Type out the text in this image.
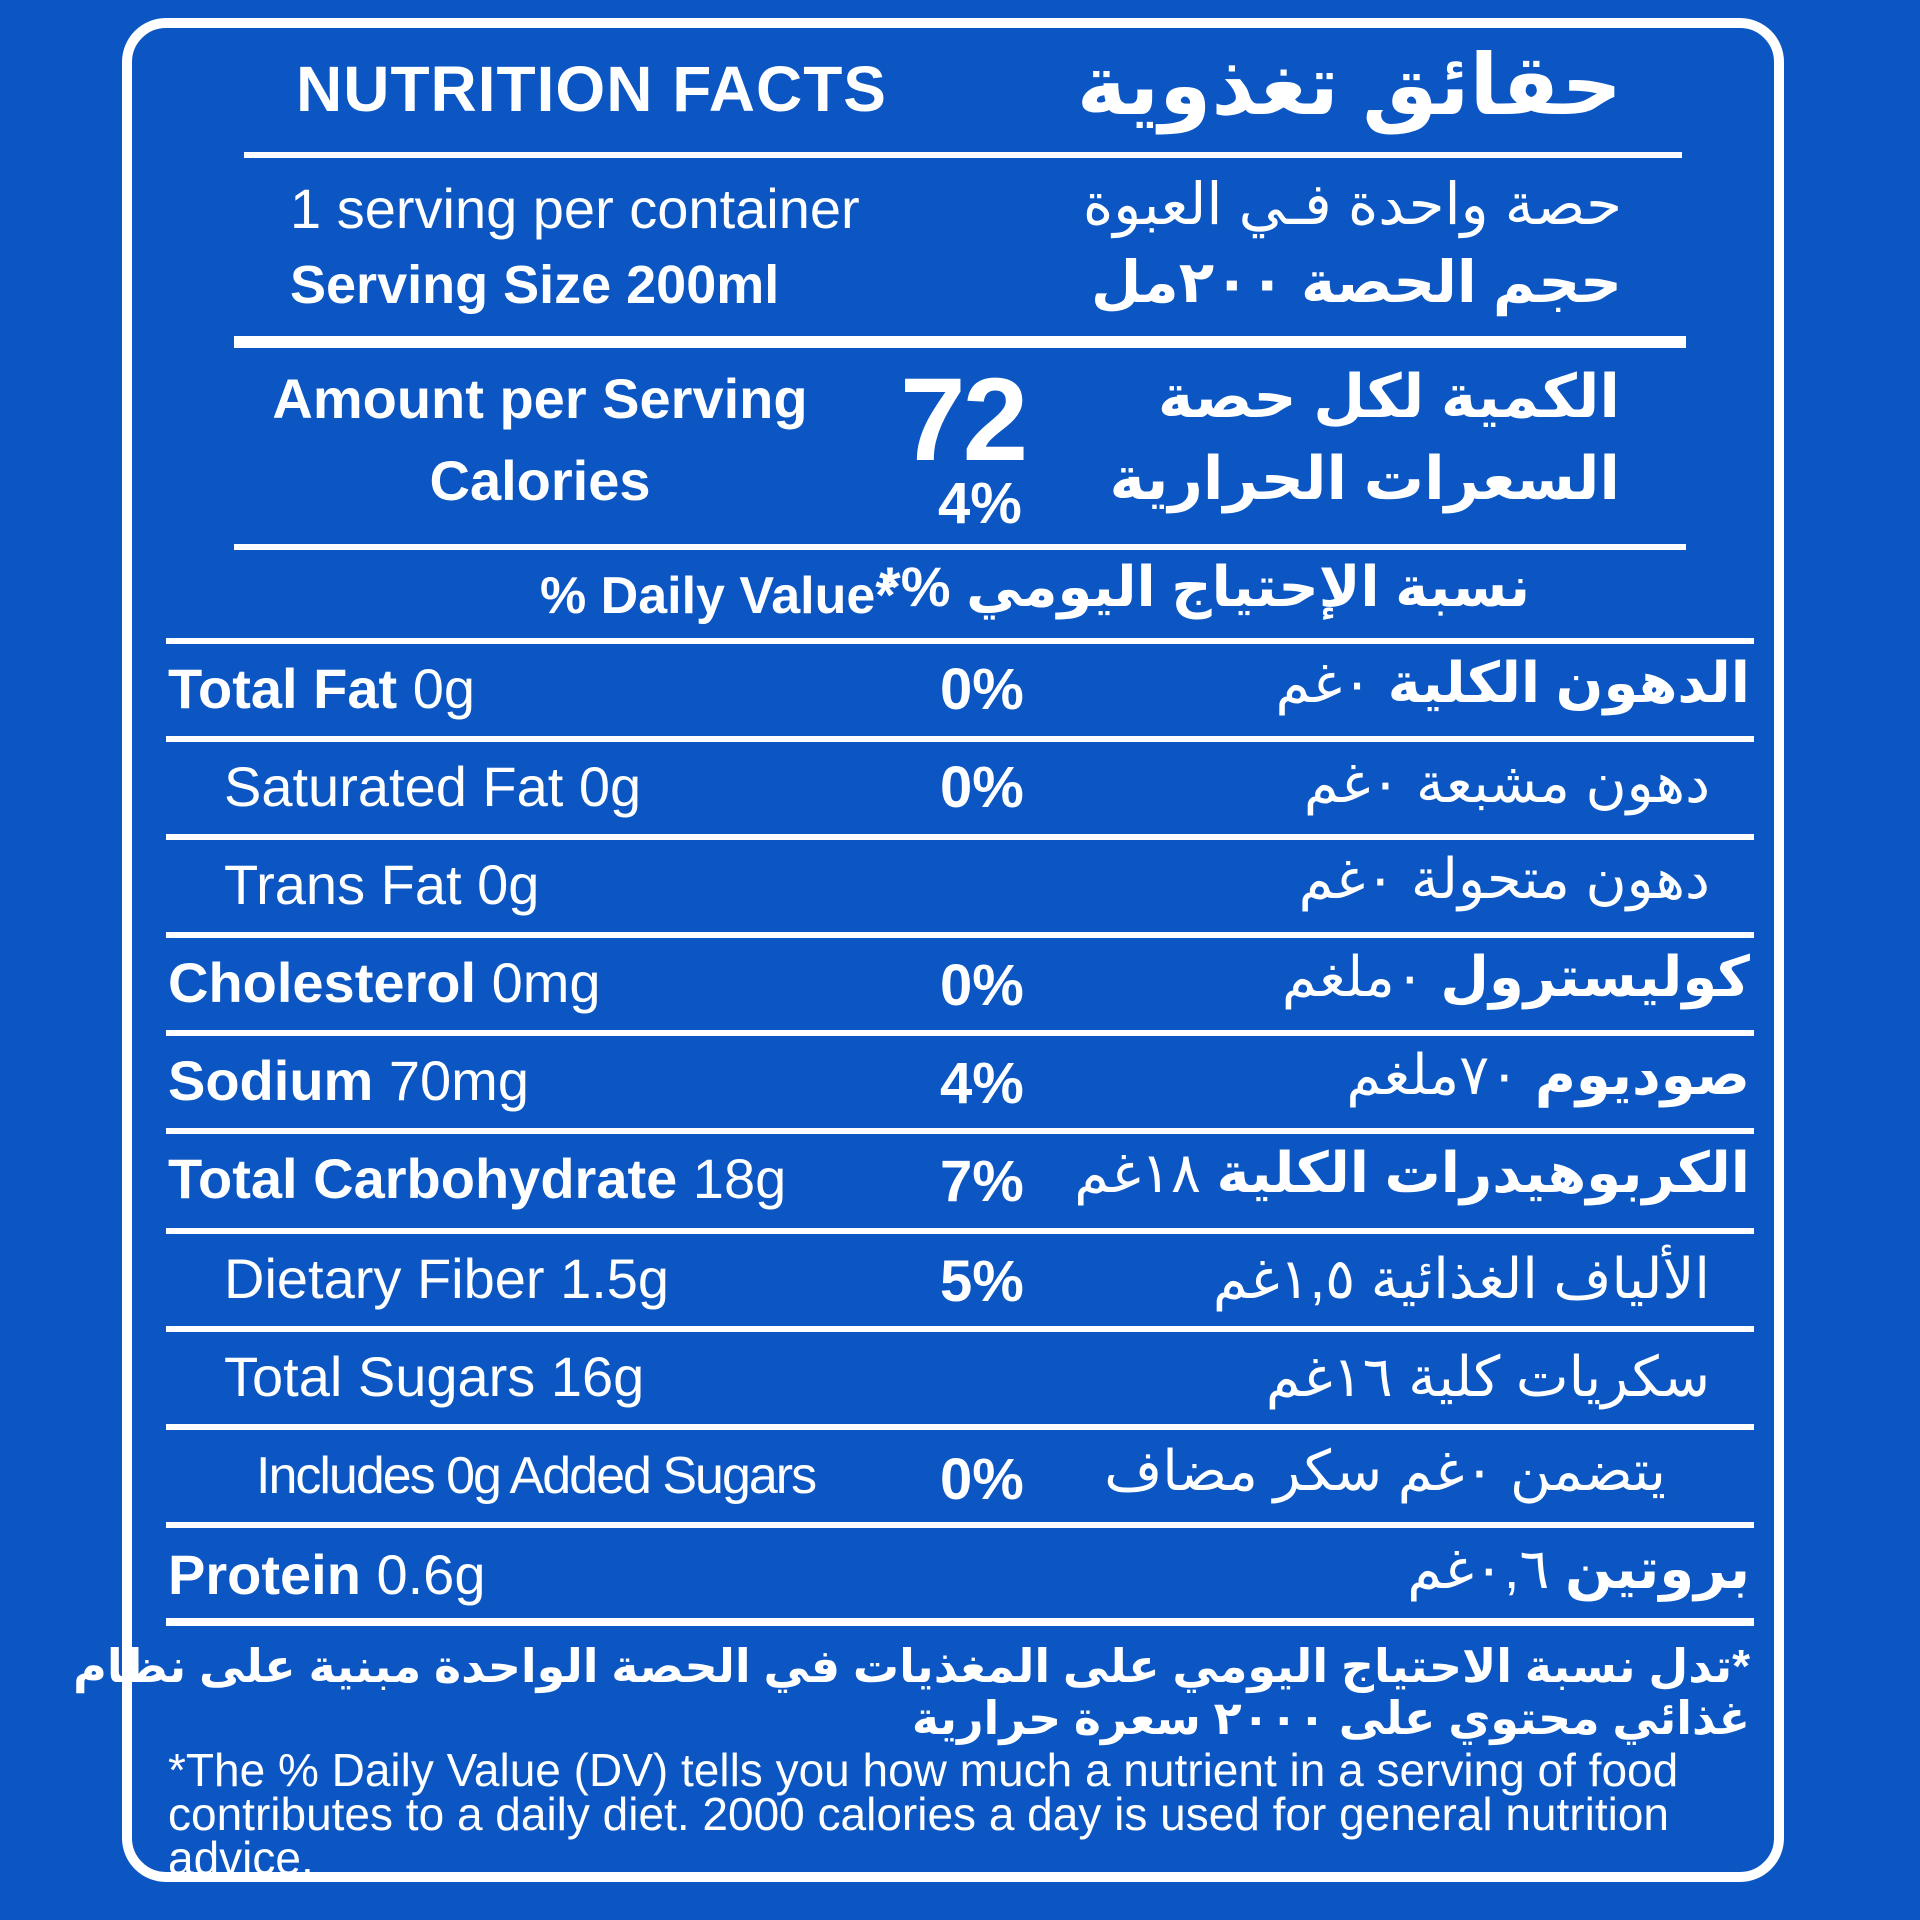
NUTRITION FACTS حقائق تغذوية
1 serving per container
Serving Size 200ml
حصة واحدة فـي العبوة
حجم الحصة ٢٠٠مل
Amount per Serving
Calories	72
4%
الكمية لكل حصة
السعرات الحرارية
% Daily Value*
نسبة الإحتياج اليومي %*
Total Fat 0g	0%	الدهون الكلية ٠غم
Saturated Fat 0g	0%	دهون مشبعة ٠غم
Trans Fat 0g	دهون متحولة ٠غم
Cholesterol 0mg	0%	كوليسترول ٠ملغم
Sodium 70mg	4%	صوديوم ٧٠ملغم
Total Carbohydrate 18g	7%	الكربوهيدرات الكلية ١٨غم
Dietary Fiber 1.5g	5%	الألياف الغذائية ١,٥غم
Total Sugars 16g	سكريات كلية ١٦غم
Includes 0g Added Sugars 0% يتضمن ٠غم سكر مضاف
Protein 0.6g	بروتين ٠,٦غم
*تدل نسبة الاحتياج اليومي على المغذيات في الحصة الواحدة مبنية على نظام
غذائي محتوي على ٢٠٠٠ سعرة حرارية
*The % Daily Value (DV) tells you how much a nutrient in a serving of food contributes to a daily diet. 2000 calories a day is used for general nutrition advice.
